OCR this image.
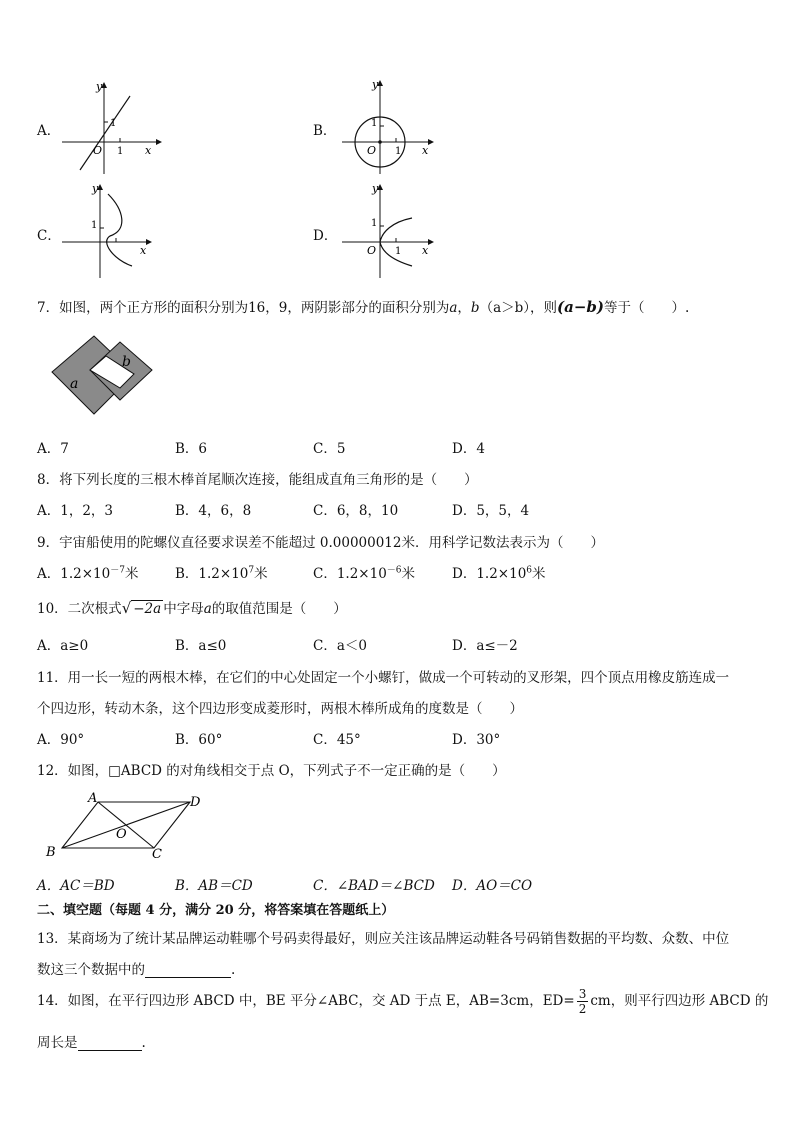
A．
y
x
O
1
1
B．
y
x
O
1
1
C．
y
x
1
D．
y
x
O
1
1
7．如图，两个正方形的面积分别为16，9，两阴影部分的面积分别为a，b（a＞b），则(a−b)等于（　　）.
a
b
A．7	B．6	C．5	D．4
8．将下列长度的三根木棒首尾顺次连接，能组成直角三角形的是（　　）
A．1，2，3	B．4，6，8	C．6，8，10	D．5，5，4
9．宇宙船使用的陀螺仪直径要求误差不能超过 0.00000012米．用科学记数法表示为（　　）
A．$1.2\times 10^{-7}$米	B．$1.2\times 10^7$米	C．$1.2\times 10^{-6}$米	D．$1.2\times 10^6$米
10．二次根式√ −2a 中字母a的取值范围是（　　）
A．a≥0	B．a≤0	C．a＜0	D．a≤－2
11．用一长一短的两根木棒，在它们的中心处固定一个小螺钉，做成一个可转动的叉形架，四个顶点用橡皮筋连成一
个四边形，转动木条，这个四边形变成菱形时，两根木棒所成角的度数是（　　）
A．90°	B．60°	C．45°	D．30°
12．如图，□ABCD 的对角线相交于点 O，下列式子不一定正确的是（　　）
A	D
B	C
O
A．AC＝BD	B．AB＝CD	C．∠BAD＝∠BCD D．AO＝CO
二、填空题（每题 4 分，满分 20 分，将答案填在答题纸上）
13．某商场为了统计某品牌运动鞋哪个号码卖得最好，则应关注该品牌运动鞋各号码销售数据的平均数、众数、中位
数这三个数据中的	.
14．如图，在平行四边形 ABCD 中，BE 平分∠ABC，交 AD 于点 E，AB=3cm，$ED= \frac{3}{2}$ cm，则平行四边形 ABCD 的
周长是	.
